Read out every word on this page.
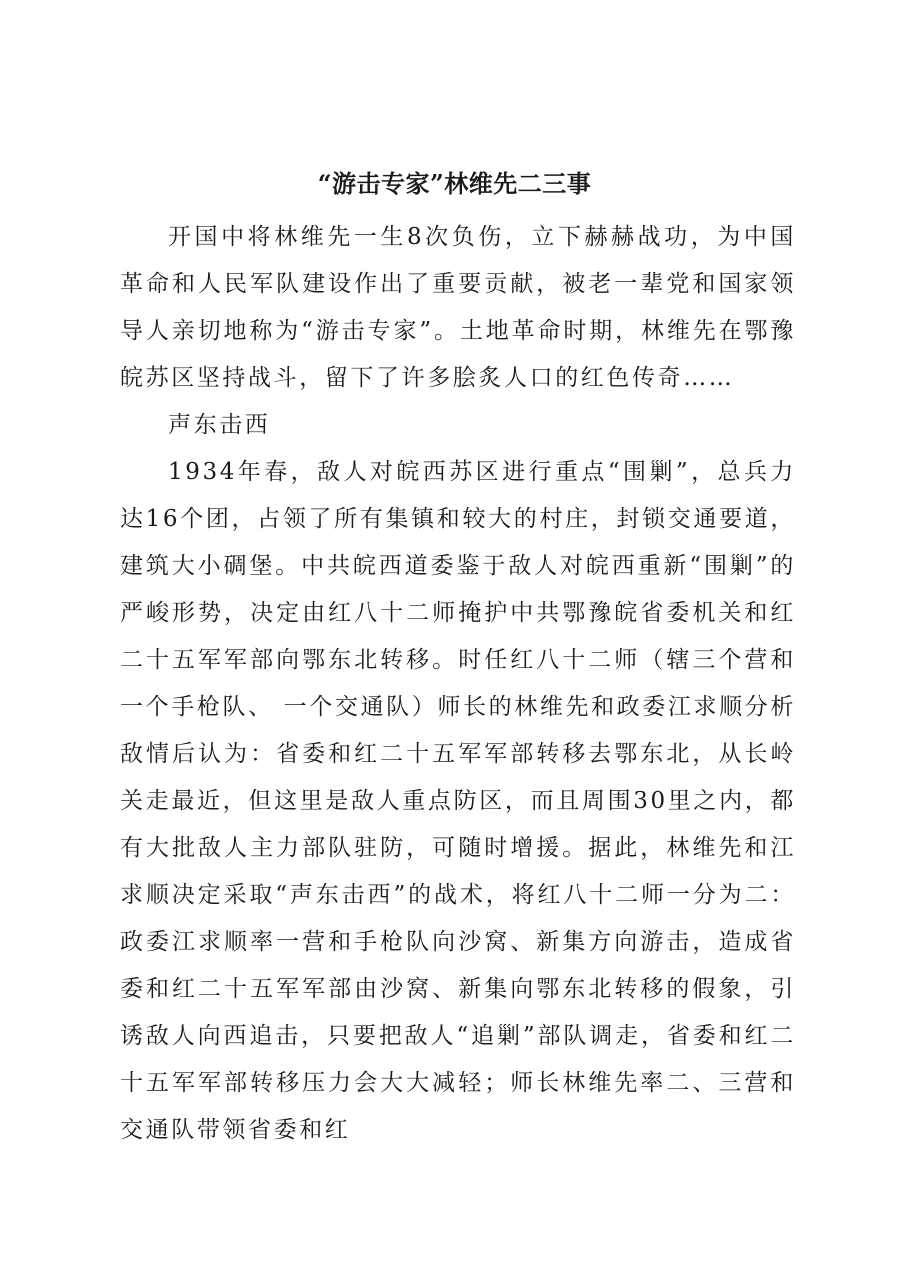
“游击专家”林维先二三事

开国中将林维先一生8次负伤，立下赫赫战功，为中国革命和人民军队建设作出了重要贡献，被老一辈党和国家领导人亲切地称为“游击专家”。土地革命时期，林维先在鄂豫皖苏区坚持战斗，留下了许多脍炙人口的红色传奇……

声东击西

1934年春，敌人对皖西苏区进行重点“围剿”，总兵力达16个团，占领了所有集镇和较大的村庄，封锁交通要道，建筑大小碉堡。中共皖西道委鉴于敌人对皖西重新“围剿”的严峻形势，决定由红八十二师掩护中共鄂豫皖省委机关和红二十五军军部向鄂东北转移。时任红八十二师（辖三个营和一个手枪队、 一个交通队）师长的林维先和政委江求顺分析敌情后认为：省委和红二十五军军部转移去鄂东北，从长岭关走最近，但这里是敌人重点防区，而且周围30里之内，都有大批敌人主力部队驻防，可随时增援。据此，林维先和江求顺决定采取“声东击西”的战术，将红八十二师一分为二：政委江求顺率一营和手枪队向沙窝、新集方向游击，造成省委和红二十五军军部由沙窝、新集向鄂东北转移的假象，引诱敌人向西追击，只要把敌人“追剿”部队调走，省委和红二十五军军部转移压力会大大减轻；师长林维先率二、三营和交通队带领省委和红
